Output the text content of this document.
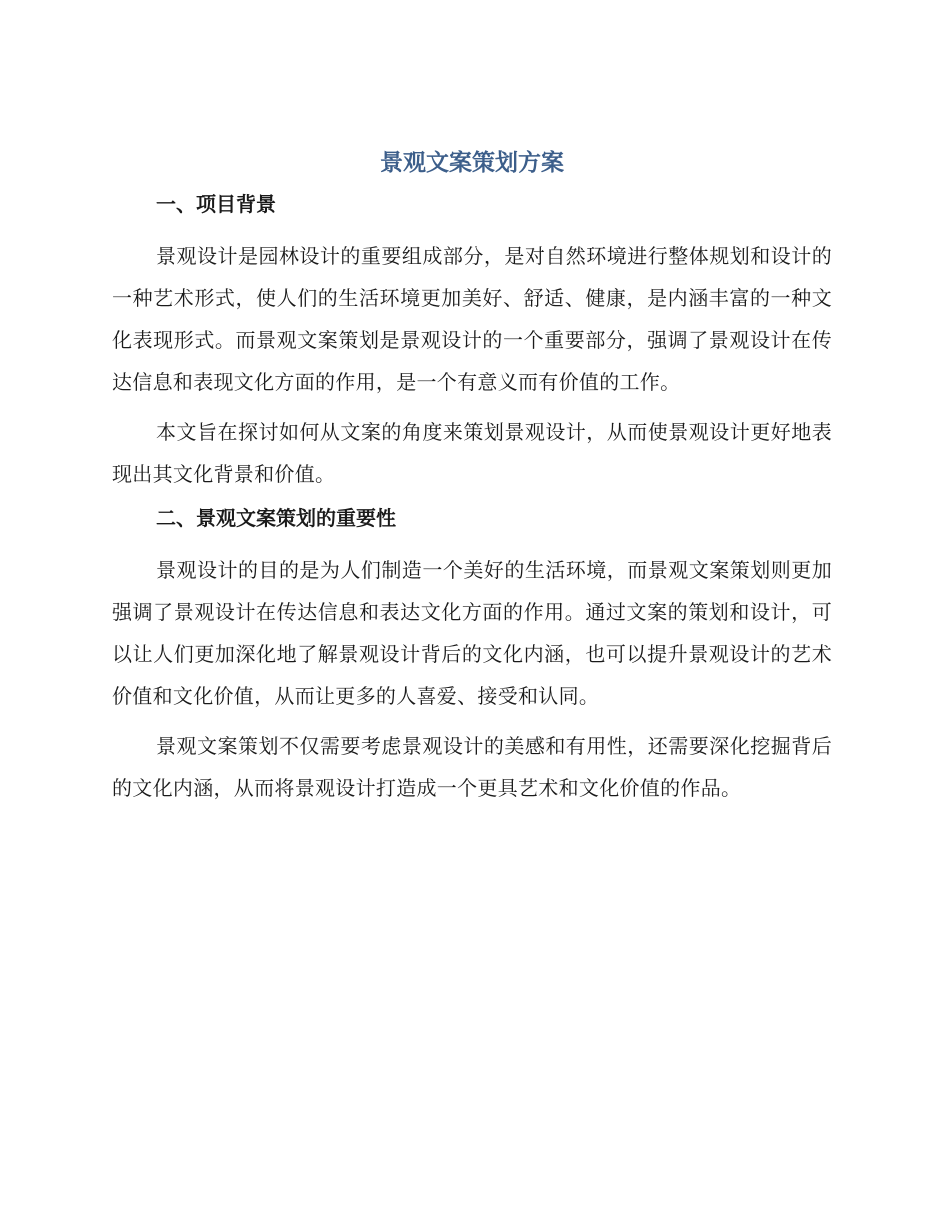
景观文案策划方案
一、项目背景

景观设计是园林设计的重要组成部分，是对自然环境进行整体规划和设计的一种艺术形式，使人们的生活环境更加美好、舒适、健康，是内涵丰富的一种文化表现形式。而景观文案策划是景观设计的一个重要部分，强调了景观设计在传达信息和表现文化方面的作用，是一个有意义而有价值的工作。

本文旨在探讨如何从文案的角度来策划景观设计，从而使景观设计更好地表现出其文化背景和价值。

二、景观文案策划的重要性

景观设计的目的是为人们制造一个美好的生活环境，而景观文案策划则更加强调了景观设计在传达信息和表达文化方面的作用。通过文案的策划和设计，可以让人们更加深化地了解景观设计背后的文化内涵，也可以提升景观设计的艺术价值和文化价值，从而让更多的人喜爱、接受和认同。

景观文案策划不仅需要考虑景观设计的美感和有用性，还需要深化挖掘背后的文化内涵，从而将景观设计打造成一个更具艺术和文化价值的作品。
